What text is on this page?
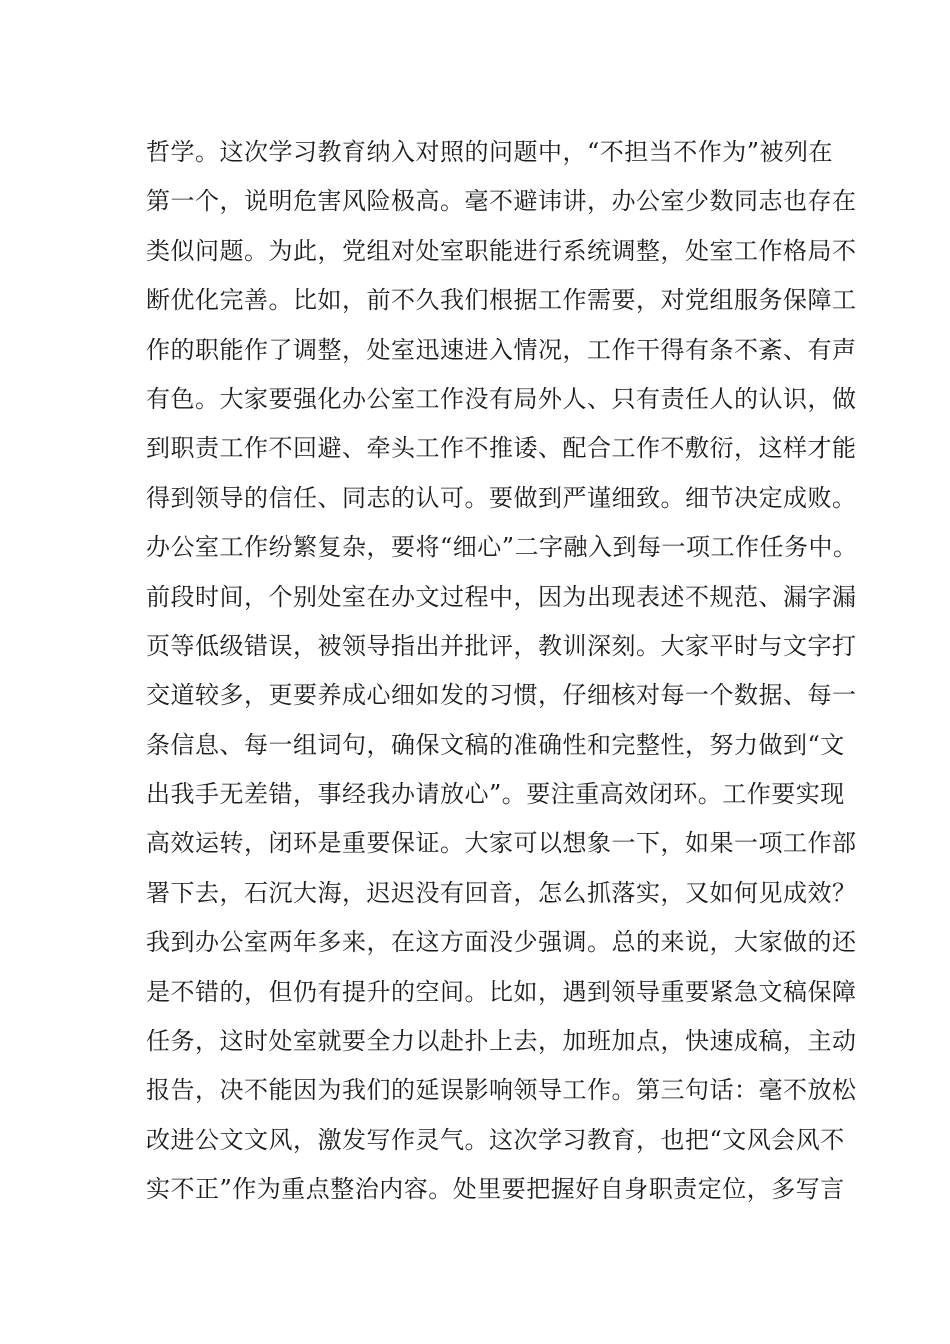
哲学。这次学习教育纳入对照的问题中，“不担当不作为”被列在
第一个，说明危害风险极高。毫不避讳讲，办公室少数同志也存在
类似问题。为此，党组对处室职能进行系统调整，处室工作格局不
断优化完善。比如，前不久我们根据工作需要，对党组服务保障工
作的职能作了调整，处室迅速进入情况，工作干得有条不紊、有声
有色。大家要强化办公室工作没有局外人、只有责任人的认识，做
到职责工作不回避、牵头工作不推诿、配合工作不敷衍，这样才能
得到领导的信任、同志的认可。要做到严谨细致。细节决定成败。
办公室工作纷繁复杂，要将“细心”二字融入到每一项工作任务中。
前段时间，个别处室在办文过程中，因为出现表述不规范、漏字漏
页等低级错误，被领导指出并批评，教训深刻。大家平时与文字打
交道较多，更要养成心细如发的习惯，仔细核对每一个数据、每一
条信息、每一组词句，确保文稿的准确性和完整性，努力做到“文
出我手无差错，事经我办请放心”。要注重高效闭环。工作要实现
高效运转，闭环是重要保证。大家可以想象一下，如果一项工作部
署下去，石沉大海，迟迟没有回音，怎么抓落实，又如何见成效？
我到办公室两年多来，在这方面没少强调。总的来说，大家做的还
是不错的，但仍有提升的空间。比如，遇到领导重要紧急文稿保障
任务，这时处室就要全力以赴扑上去，加班加点，快速成稿，主动
报告，决不能因为我们的延误影响领导工作。第三句话：毫不放松
改进公文文风，激发写作灵气。这次学习教育，也把“文风会风不
实不正”作为重点整治内容。处里要把握好自身职责定位，多写言
